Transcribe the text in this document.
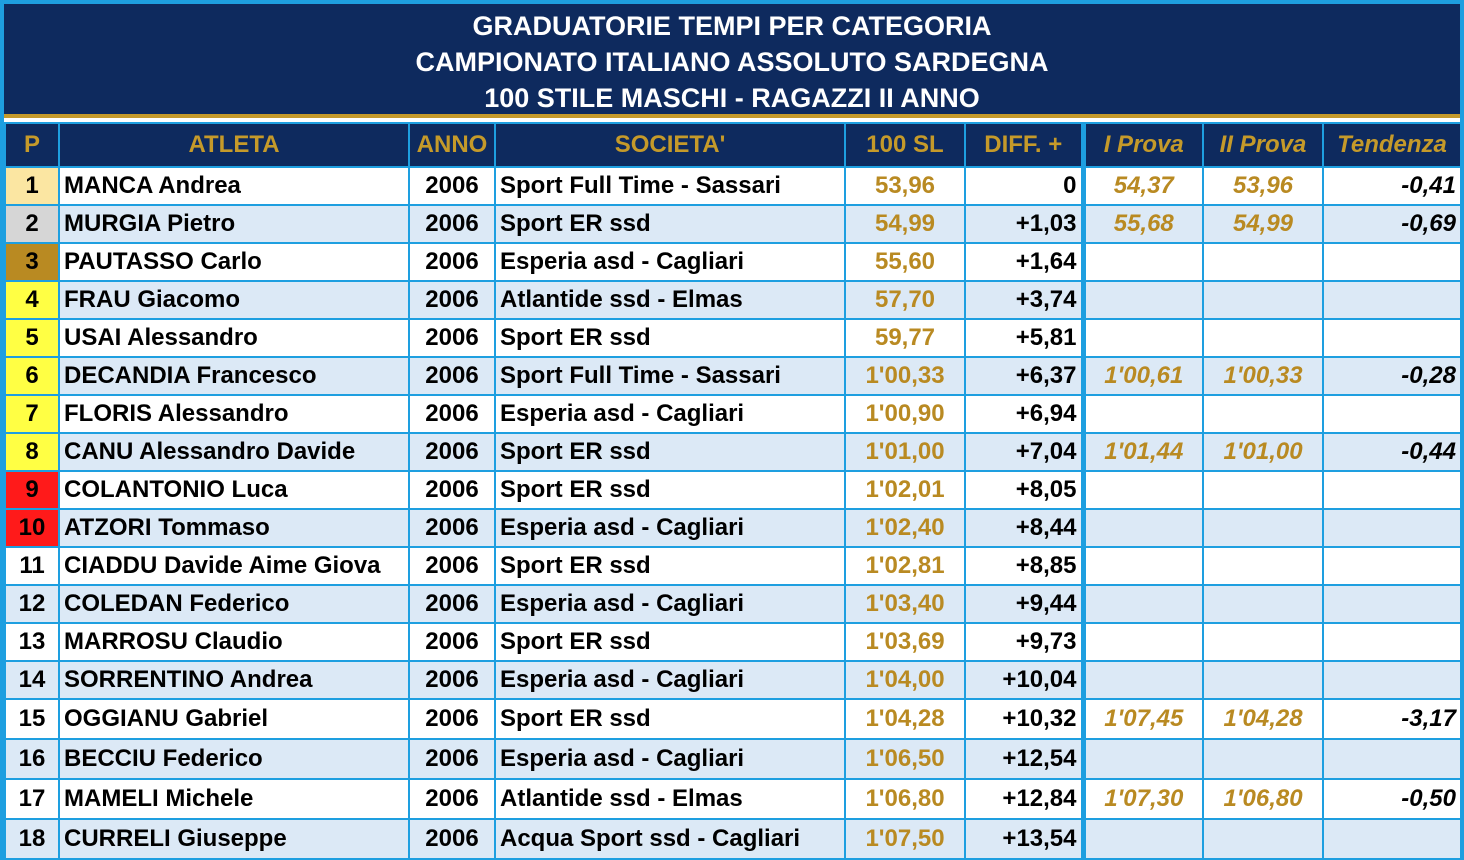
GRADUATORIE TEMPI PER CATEGORIA
CAMPIONATO ITALIANO ASSOLUTO SARDEGNA
100 STILE MASCHI - RAGAZZI II ANNO
P	ATLETA	ANNO	SOCIETA'	100 SL	DIFF. +	I Prova	II Prova	Tendenza
1	MANCA Andrea	2006	Sport Full Time - Sassari	53,96	0	54,37	53,96	-0,41
2	MURGIA Pietro	2006	Sport ER ssd	54,99	+1,03	55,68	54,99	-0,69
3	PAUTASSO Carlo	2006	Esperia asd - Cagliari	55,60	+1,64			
4	FRAU Giacomo	2006	Atlantide ssd - Elmas	57,70	+3,74			
5	USAI Alessandro	2006	Sport ER ssd	59,77	+5,81			
6	DECANDIA Francesco	2006	Sport Full Time - Sassari	1'00,33	+6,37	1'00,61	1'00,33	-0,28
7	FLORIS Alessandro	2006	Esperia asd - Cagliari	1'00,90	+6,94			
8	CANU Alessandro Davide	2006	Sport ER ssd	1'01,00	+7,04	1'01,44	1'01,00	-0,44
9	COLANTONIO Luca	2006	Sport ER ssd	1'02,01	+8,05			
10	ATZORI Tommaso	2006	Esperia asd - Cagliari	1'02,40	+8,44			
11	CIADDU Davide Aime Giova	2006	Sport ER ssd	1'02,81	+8,85			
12	COLEDAN Federico	2006	Esperia asd - Cagliari	1'03,40	+9,44			
13	MARROSU Claudio	2006	Sport ER ssd	1'03,69	+9,73			
14	SORRENTINO Andrea	2006	Esperia asd - Cagliari	1'04,00	+10,04			
15	OGGIANU Gabriel	2006	Sport ER ssd	1'04,28	+10,32	1'07,45	1'04,28	-3,17
16	BECCIU Federico	2006	Esperia asd - Cagliari	1'06,50	+12,54			
17	MAMELI Michele	2006	Atlantide ssd - Elmas	1'06,80	+12,84	1'07,30	1'06,80	-0,50
18	CURRELI Giuseppe	2006	Acqua Sport ssd - Cagliari	1'07,50	+13,54			
